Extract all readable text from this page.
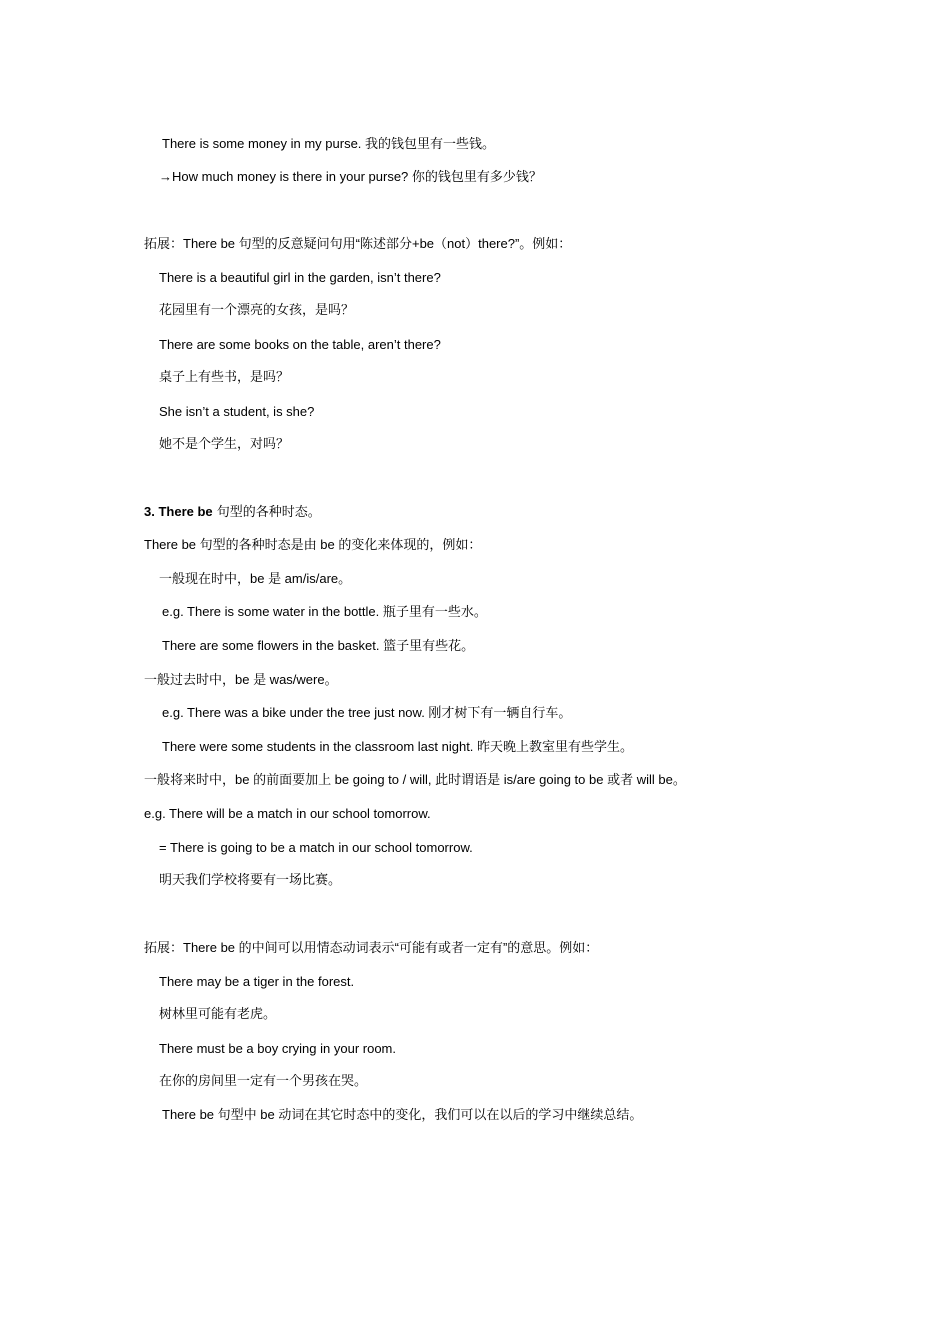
There is some money in my purse. 我的钱包里有一些钱。

→How much money is there in your purse? 你的钱包里有多少钱？

拓展：There be 句型的反意疑问句用“陈述部分+be（not）there?”。例如：

There is a beautiful girl in the garden, isn’t there?

花园里有一个漂亮的女孩，是吗？

There are some books on the table, aren’t there?

桌子上有些书，是吗？

She isn’t a student, is she?

她不是个学生，对吗？

3. There be 句型的各种时态。

There be 句型的各种时态是由 be 的变化来体现的，例如：

一般现在时中，be 是 am/is/are。

e.g. There is some water in the bottle. 瓶子里有一些水。

There are some flowers in the basket. 篮子里有些花。

一般过去时中，be 是 was/were。

e.g. There was a bike under the tree just now. 刚才树下有一辆自行车。

There were some students in the classroom last night. 昨天晚上教室里有些学生。

一般将来时中，be 的前面要加上 be going to / will, 此时谓语是 is/are going to be 或者 will be。

e.g. There will be a match in our school tomorrow.

= There is going to be a match in our school tomorrow.

明天我们学校将要有一场比赛。

拓展：There be 的中间可以用情态动词表示“可能有或者一定有”的意思。例如：

There may be a tiger in the forest.

树林里可能有老虎。

There must be a boy crying in your room.

在你的房间里一定有一个男孩在哭。

There be 句型中 be 动词在其它时态中的变化，我们可以在以后的学习中继续总结。
